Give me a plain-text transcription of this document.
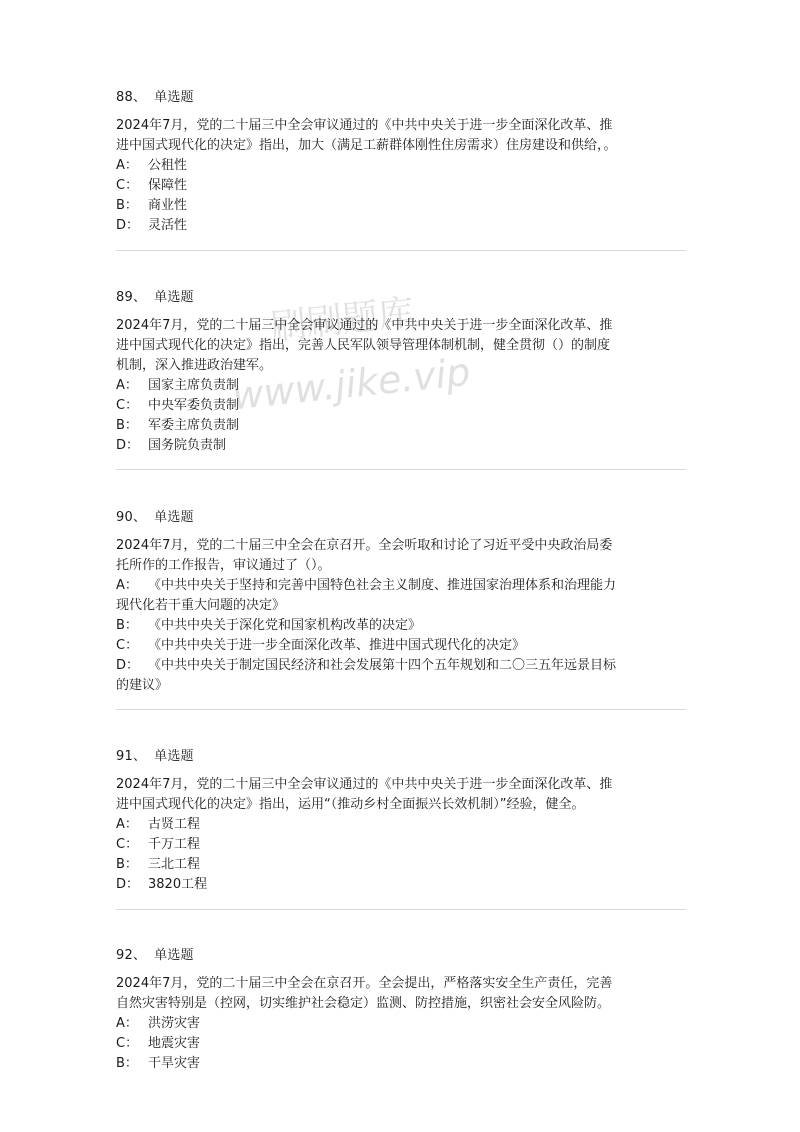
刷刷题库
www.jike.vip
88、 单选题
2024年7月，党的二十届三中全会审议通过的《中共中央关于进一步全面深化改革、推
进中国式现代化的决定》指出，加大（满足工薪群体刚性住房需求）住房建设和供给，。
A： 公租性
C： 保障性
B： 商业性
D： 灵活性
89、 单选题
2024年7月，党的二十届三中全会审议通过的《中共中央关于进一步全面深化改革、推
进中国式现代化的决定》指出，完善人民军队领导管理体制机制，健全贯彻（）的制度
机制，深入推进政治建军。
A： 国家主席负责制
C： 中央军委负责制
B： 军委主席负责制
D： 国务院负责制
90、 单选题
2024年7月，党的二十届三中全会在京召开。全会听取和讨论了习近平受中央政治局委
托所作的工作报告，审议通过了（）。
A： 《中共中央关于坚持和完善中国特色社会主义制度、推进国家治理体系和治理能力
现代化若干重大问题的决定》
B： 《中共中央关于深化党和国家机构改革的决定》
C： 《中共中央关于进一步全面深化改革、推进中国式现代化的决定》
D： 《中共中央关于制定国民经济和社会发展第十四个五年规划和二〇三五年远景目标
的建议》
91、 单选题
2024年7月，党的二十届三中全会审议通过的《中共中央关于进一步全面深化改革、推
进中国式现代化的决定》指出，运用“（推动乡村全面振兴长效机制）”经验，健全。
A： 古贤工程
C： 千万工程
B： 三北工程
D： 3820工程
92、 单选题
2024年7月，党的二十届三中全会在京召开。全会提出，严格落实安全生产责任，完善
自然灾害特别是（控网，切实维护社会稳定）监测、防控措施，织密社会安全风险防。
A： 洪涝灾害
C： 地震灾害
B： 干旱灾害
